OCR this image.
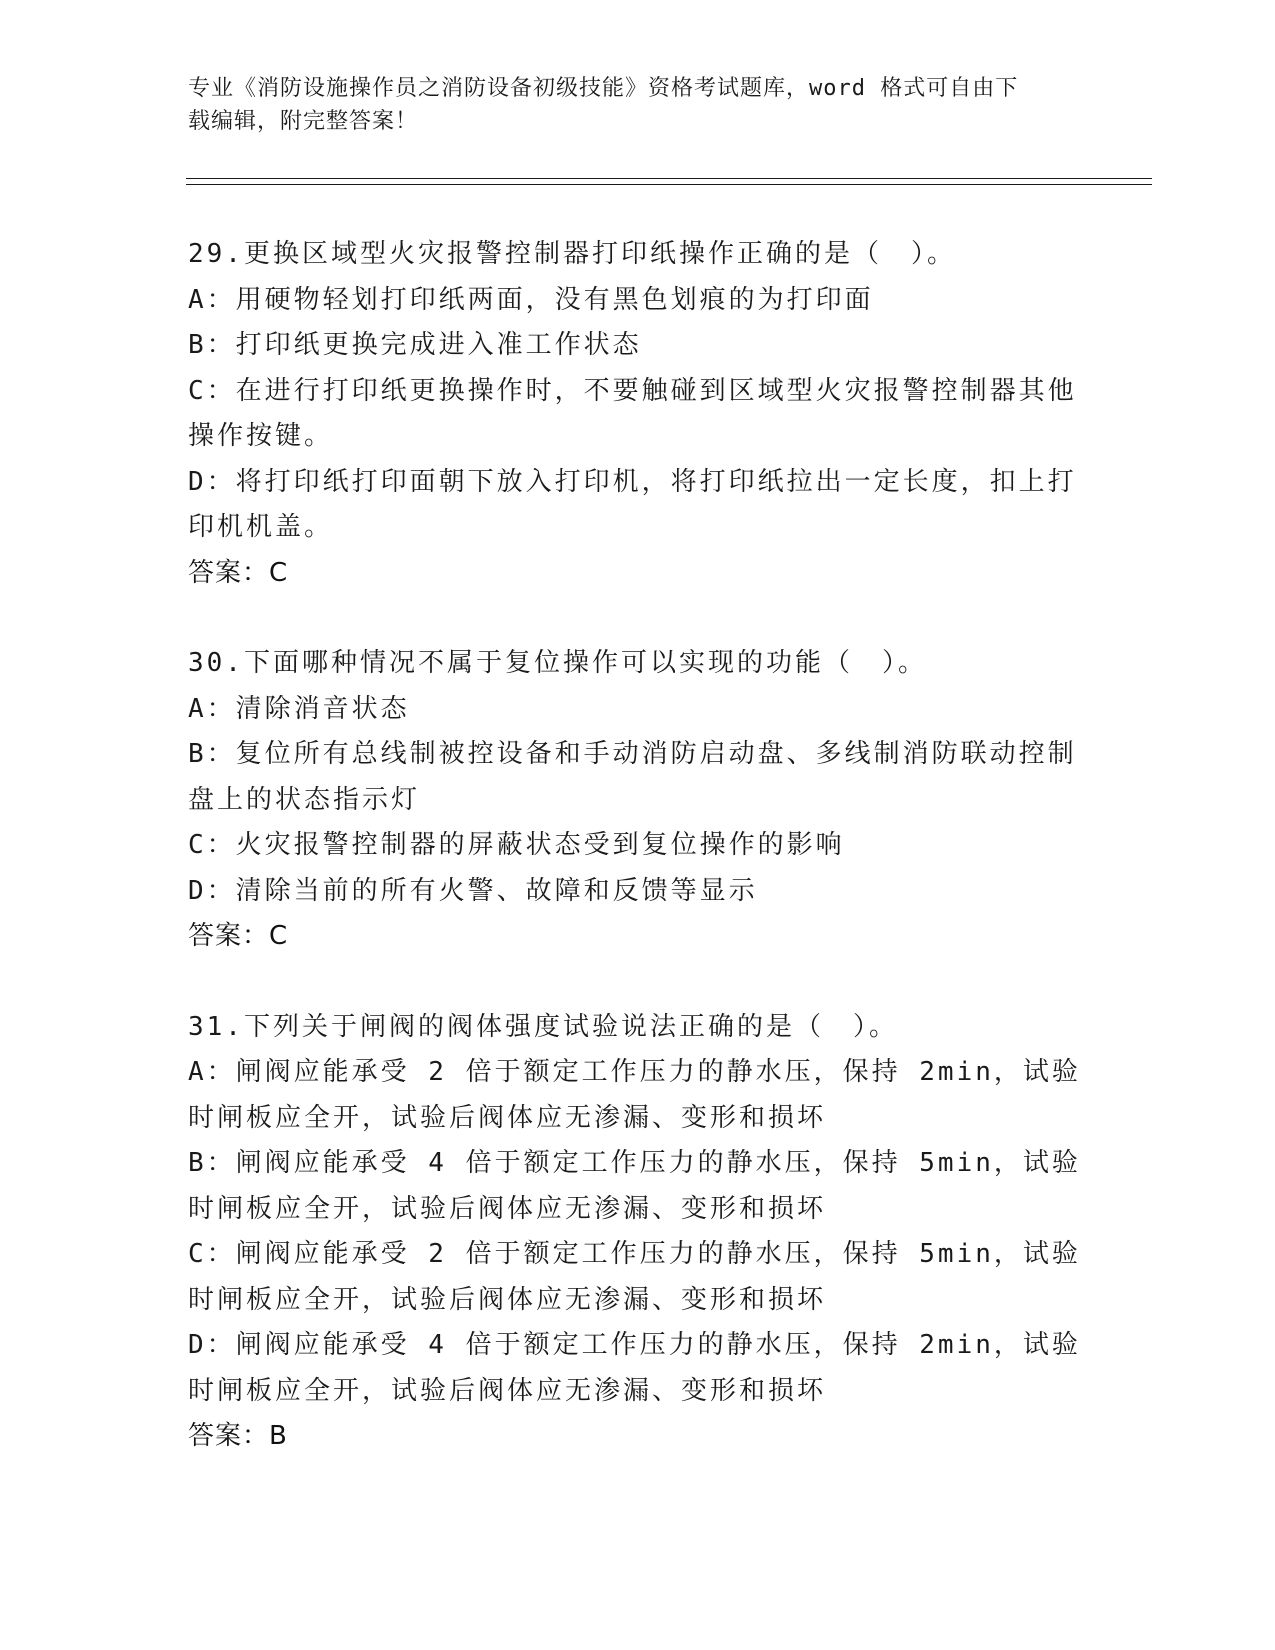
专业《消防设施操作员之消防设备初级技能》资格考试题库，word 格式可自由下
载编辑，附完整答案！
29.更换区域型火灾报警控制器打印纸操作正确的是（　）。
A：用硬物轻划打印纸两面，没有黑色划痕的为打印面
B：打印纸更换完成进入准工作状态
C：在进行打印纸更换操作时，不要触碰到区域型火灾报警控制器其他操作按键。
D：将打印纸打印面朝下放入打印机，将打印纸拉出一定长度，扣上打印机机盖。
答案：C
30.下面哪种情况不属于复位操作可以实现的功能（　）。
A：清除消音状态
B：复位所有总线制被控设备和手动消防启动盘、多线制消防联动控制盘上的状态指示灯
C：火灾报警控制器的屏蔽状态受到复位操作的影响
D：清除当前的所有火警、故障和反馈等显示
答案：C
31.下列关于闸阀的阀体强度试验说法正确的是（　）。
A：闸阀应能承受 2 倍于额定工作压力的静水压，保持 2min，试验时闸板应全开，试验后阀体应无渗漏、变形和损坏
B：闸阀应能承受 4 倍于额定工作压力的静水压，保持 5min，试验时闸板应全开，试验后阀体应无渗漏、变形和损坏
C：闸阀应能承受 2 倍于额定工作压力的静水压，保持 5min，试验时闸板应全开，试验后阀体应无渗漏、变形和损坏
D：闸阀应能承受 4 倍于额定工作压力的静水压，保持 2min，试验时闸板应全开，试验后阀体应无渗漏、变形和损坏
答案：B
